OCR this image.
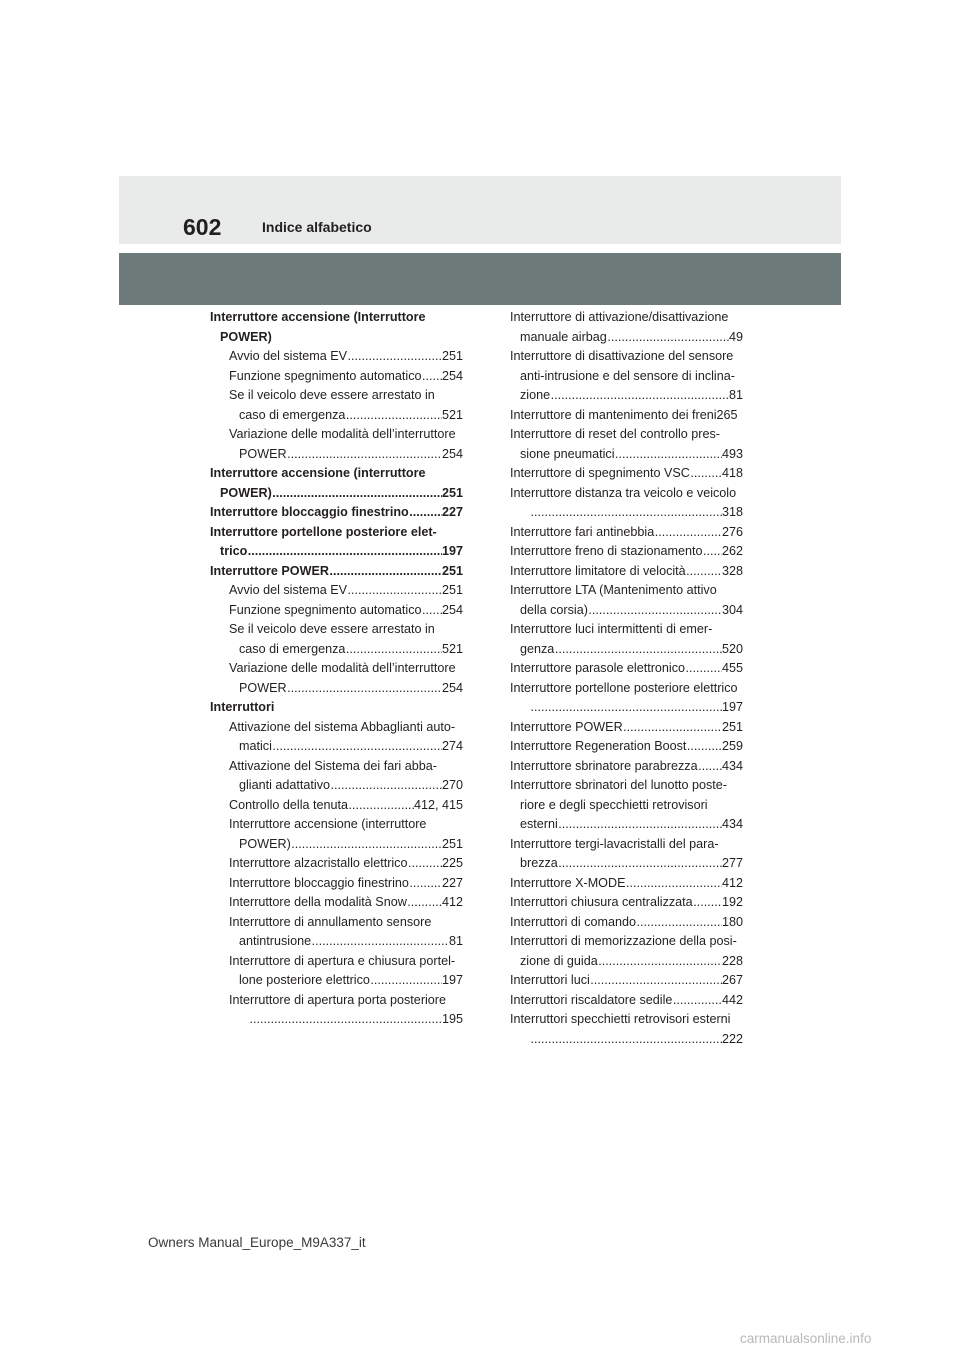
602	Indice alfabetico
Interruttore accensione (Interruttore
POWER)
Avvio del sistema EV .....	251
Funzione spegnimento automatico ..... 254
Se il veicolo deve essere arrestato in
caso di emergenza .....	521
Variazione delle modalità dell’interruttore
POWER .....	254
Interruttore accensione (interruttore
POWER) .....	251
Interruttore bloccaggio finestrino .....	227
Interruttore portellone posteriore elet-
trico .....	197
Interruttore POWER .....	251
Avvio del sistema EV .....	251
Funzione spegnimento automatico ..... 254
Se il veicolo deve essere arrestato in
caso di emergenza .....	521
Variazione delle modalità dell’interruttore
POWER .....	254
Interruttori
Attivazione del sistema Abbaglianti auto-
matici .....	274
Attivazione del Sistema dei fari abba-
glianti adattativo .....	270
Controllo della tenuta .....	412, 415
Interruttore accensione (interruttore
POWER) .....	251
Interruttore alzacristallo elettrico .....	225
Interruttore bloccaggio finestrino .....	227
Interruttore della modalità Snow .....	412
Interruttore di annullamento sensore
antintrusione .....	81
Interruttore di apertura e chiusura portel-
lone posteriore elettrico .....	197
Interruttore di apertura porta posteriore
.....
195
Interruttore di attivazione/disattivazione
manuale airbag .....	49
Interruttore di disattivazione del sensore
anti-intrusione e del sensore di inclina-
zione .....	81
Interruttore di mantenimento dei freni265
Interruttore di reset del controllo pres-
sione pneumatici .....	493
Interruttore di spegnimento VSC .....	418
Interruttore distanza tra veicolo e veicolo
.....
318
Interruttore fari antinebbia .....	276
Interruttore freno di stazionamento ..... 262
Interruttore limitatore di velocità .....	328
Interruttore LTA (Mantenimento attivo
della corsia) .....	304
Interruttore luci intermittenti di emer-
genza .....	520
Interruttore parasole elettronico .....	455
Interruttore portellone posteriore elettrico
.....
197
Interruttore POWER .....	251
Interruttore Regeneration Boost .....	259
Interruttore sbrinatore parabrezza ..... 434
Interruttore sbrinatori del lunotto poste-
riore e degli specchietti retrovisori
esterni .....	434
Interruttore tergi-lavacristalli del para-
brezza .....	277
Interruttore X-MODE .....	412
Interruttori chiusura centralizzata ..... 192
Interruttori di comando .....	180
Interruttori di memorizzazione della posi-
zione di guida .....	228
Interruttori luci .....	267
Interruttori riscaldatore sedile .....	442
Interruttori specchietti retrovisori esterni
.....
222
Owners Manual_Europe_M9A337_it
carmanualsonline.info
